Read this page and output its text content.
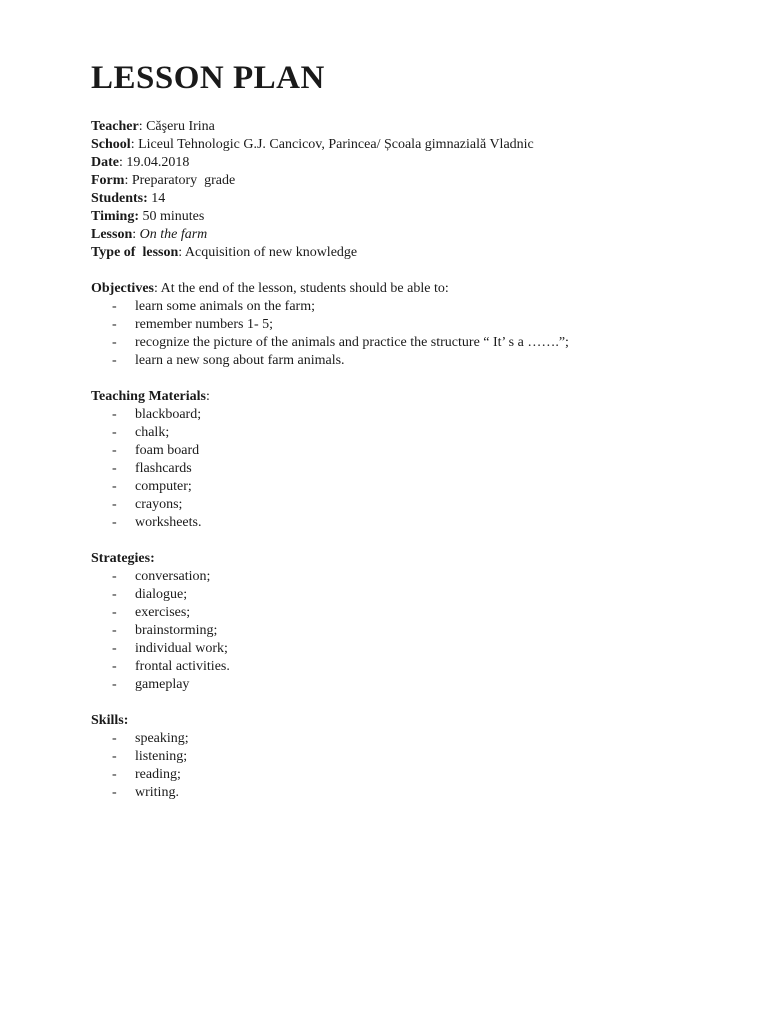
LESSON PLAN
Teacher: Căşeru Irina
School: Liceul Tehnologic G.J. Cancicov, Parincea/ Școala gimnazială Vladnic
Date: 19.04.2018
Form: Preparatory  grade
Students: 14
Timing: 50 minutes
Lesson: On the farm
Type of  lesson: Acquisition of new knowledge
Objectives: At the end of the lesson, students should be able to:
- learn some animals on the farm;
- remember numbers 1- 5;
- recognize the picture of the animals and practice the structure “ It’ s a …….”;
- learn a new song about farm animals.
Teaching Materials:
- blackboard;
- chalk;
- foam board
- flashcards
- computer;
- crayons;
- worksheets.
Strategies:
- conversation;
- dialogue;
- exercises;
- brainstorming;
- individual work;
- frontal activities.
- gameplay
Skills:
- speaking;
- listening;
- reading;
- writing.
